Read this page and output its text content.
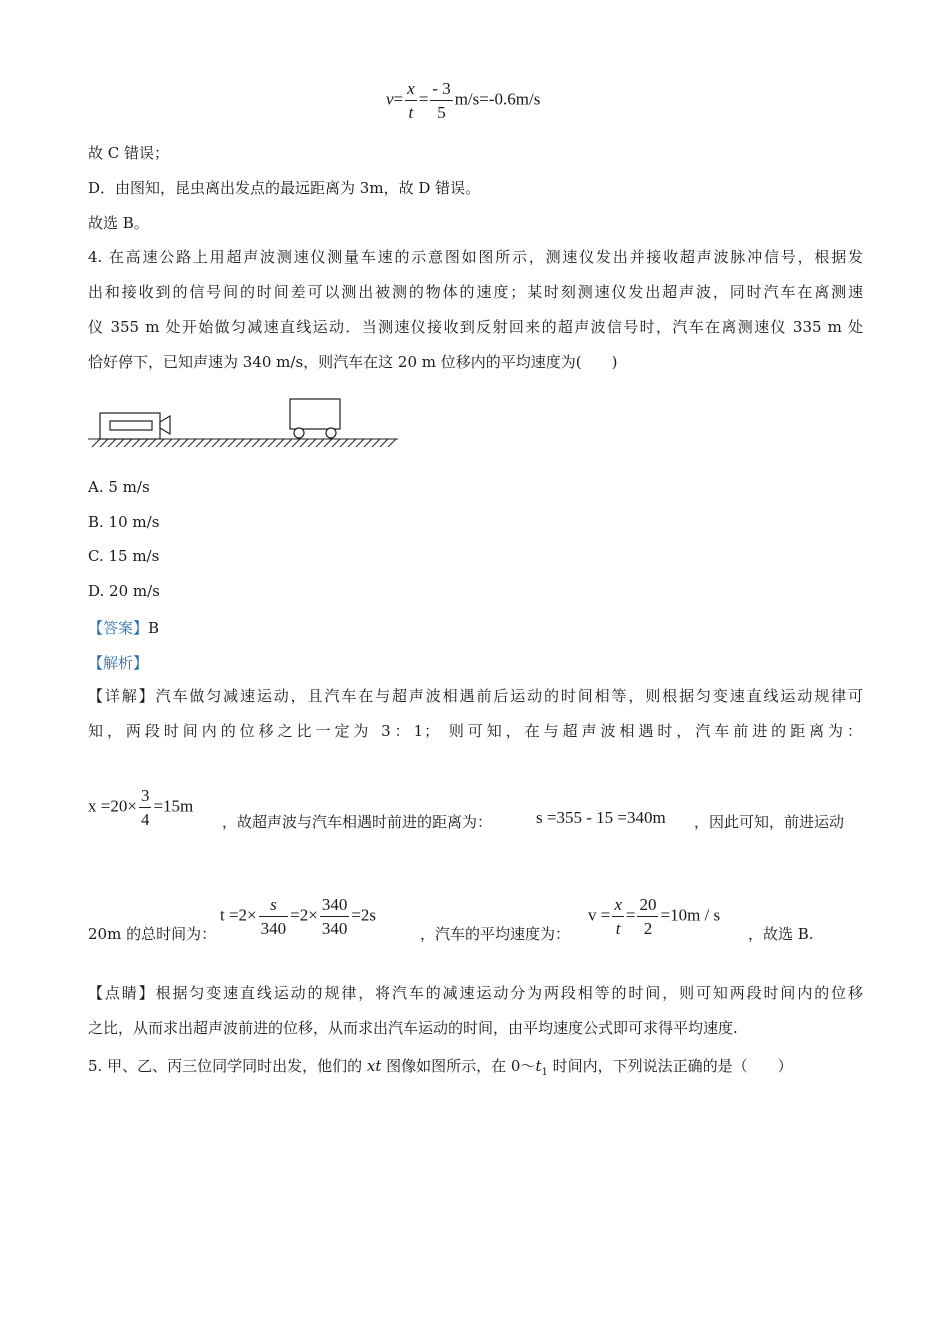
$v= \frac{x}{t} = \frac{- 3}{5} m/s=-0.6m/s$
故 C 错误；
D．由图知，昆虫离出发点的最远距离为 3m，故 D 错误。
故选 B。
4. 在高速公路上用超声波测速仪测量车速的示意图如图所示，测速仪发出并接收超声波脉冲信号，根据发
出和接收到的信号间的时间差可以测出被测的物体的速度；某时刻测速仪发出超声波，同时汽车在离测速
仪 355 m 处开始做匀减速直线运动．当测速仪接收到反射回来的超声波信号时，汽车在离测速仪 335 m 处
恰好停下，已知声速为 340 m/s，则汽车在这 20 m 位移内的平均速度为(　　)
A. 5 m/s
B. 10 m/s
C. 15 m/s
D. 20 m/s
【答案】B
【解析】
【详解】汽车做匀减速运动，且汽车在与超声波相遇前后运动的时间相等，则根据匀变速直线运动规律可
知，两段时间内的位移之比一定为 3：1； 则可知，在与超声波相遇时，汽车前进的距离为：
$x =20\times \frac{3}{4} =15m$
，故超声波与汽车相遇时前进的距离为：	s =355 - 15 =340m ，因此可知，前进运动
20m 的总时间为：
$t =2\times \frac{s}{340} =2\times \frac{340}{340} =2s$
，汽车的平均速度为：
$v = \frac{x}{t} = \frac{20}{2} =10m / s$
，故选 B.
【点睛】根据匀变速直线运动的规律，将汽车的减速运动分为两段相等的时间，则可知两段时间内的位移
之比，从而求出超声波前进的位移，从而求出汽车运动的时间，由平均速度公式即可求得平均速度.
5. 甲、乙、丙三位同学同时出发，他们的 xt 图像如图所示，在 $0\sim t_1$ 时间内，下列说法正确的是（　　）
